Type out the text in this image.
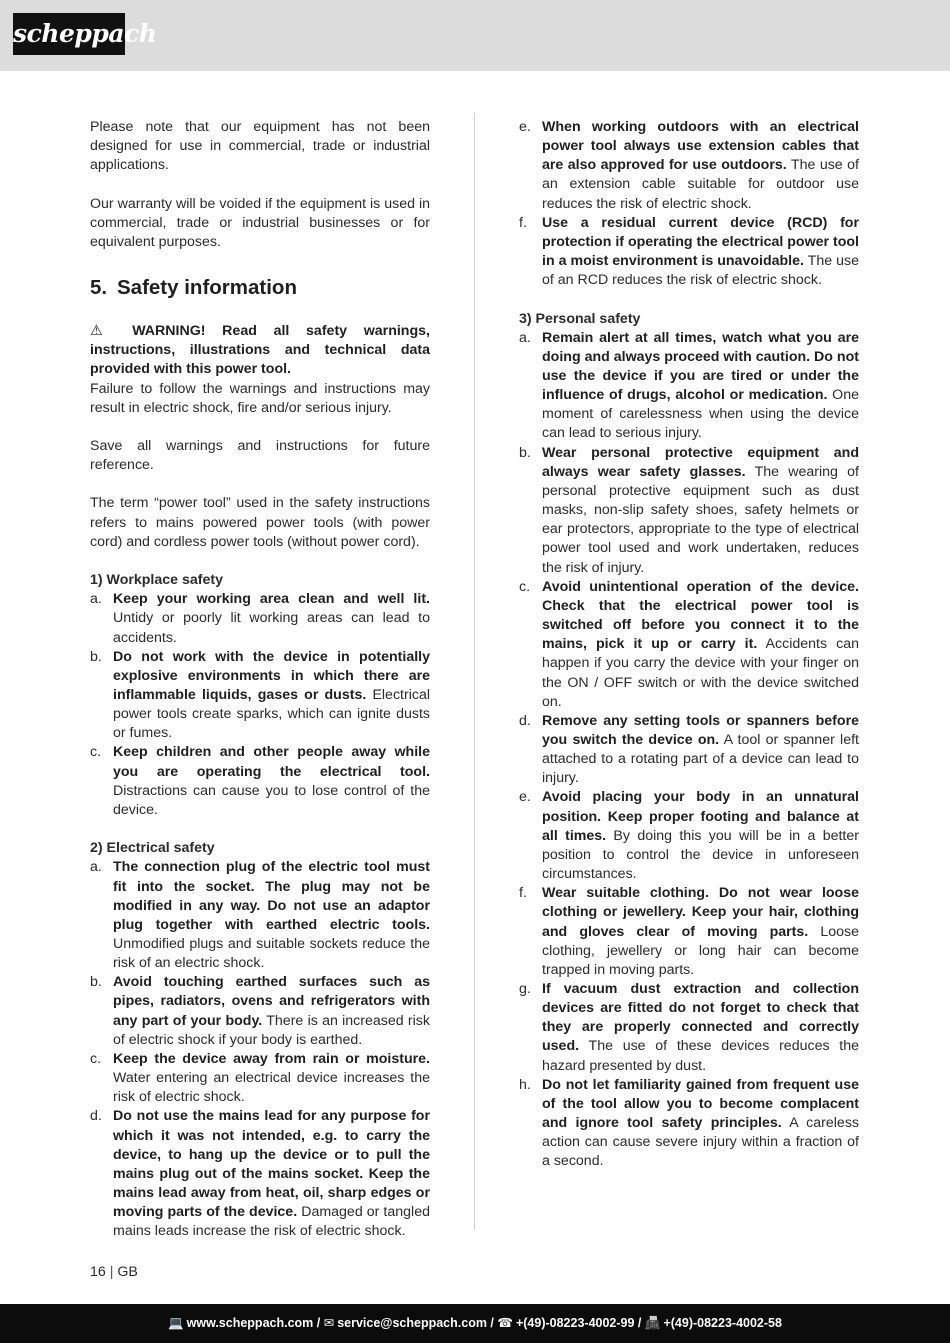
scheppach

Please note that our equipment has not been designed for use in commercial, trade or industrial applications.

Our warranty will be voided if the equipment is used in commercial, trade or industrial businesses or for equivalent purposes.

5. Safety information

⚠ WARNING! Read all safety warnings, instructions, illustrations and technical data provided with this power tool.

Failure to follow the warnings and instructions may result in electric shock, fire and/or serious injury.

Save all warnings and instructions for future reference.

The term “power tool” used in the safety instructions refers to mains powered power tools (with power cord) and cordless power tools (without power cord).

1) Workplace safety
a. Keep your working area clean and well lit. Untidy or poorly lit working areas can lead to accidents.
b. Do not work with the device in potentially explosive environments in which there are inflammable liquids, gases or dusts. Electrical power tools create sparks, which can ignite dusts or fumes.
c. Keep children and other people away while you are operating the electrical tool. Distractions can cause you to lose control of the device.
2) Electrical safety
a. The connection plug of the electric tool must fit into the socket. The plug may not be modified in any way. Do not use an adaptor plug together with earthed electric tools. Unmodified plugs and suitable sockets reduce the risk of an electric shock.
b. Avoid touching earthed surfaces such as pipes, radiators, ovens and refrigerators with any part of your body. There is an increased risk of electric shock if your body is earthed.
c. Keep the device away from rain or moisture. Water entering an electrical device increases the risk of electric shock.
d. Do not use the mains lead for any purpose for which it was not intended, e.g. to carry the device, to hang up the device or to pull the mains plug out of the mains socket. Keep the mains lead away from heat, oil, sharp edges or moving parts of the device. Damaged or tangled mains leads increase the risk of electric shock.
e. When working outdoors with an electrical power tool always use extension cables that are also approved for use outdoors. The use of an extension cable suitable for outdoor use reduces the risk of electric shock.
f. Use a residual current device (RCD) for protection if operating the electrical power tool in a moist environment is unavoidable. The use of an RCD reduces the risk of electric shock.
3) Personal safety
a. Remain alert at all times, watch what you are doing and always proceed with caution. Do not use the device if you are tired or under the influence of drugs, alcohol or medication. One moment of carelessness when using the device can lead to serious injury.
b. Wear personal protective equipment and always wear safety glasses. The wearing of personal protective equipment such as dust masks, non-slip safety shoes, safety helmets or ear protectors, appropriate to the type of electrical power tool used and work undertaken, reduces the risk of injury.
c. Avoid unintentional operation of the device. Check that the electrical power tool is switched off before you connect it to the mains, pick it up or carry it. Accidents can happen if you carry the device with your finger on the ON / OFF switch or with the device switched on.
d. Remove any setting tools or spanners before you switch the device on. A tool or spanner left attached to a rotating part of a device can lead to injury.
e. Avoid placing your body in an unnatural position. Keep proper footing and balance at all times. By doing this you will be in a better position to control the device in unforeseen circumstances.
f. Wear suitable clothing. Do not wear loose clothing or jewellery. Keep your hair, clothing and gloves clear of moving parts. Loose clothing, jewellery or long hair can become trapped in moving parts.
g. If vacuum dust extraction and collection devices are fitted do not forget to check that they are properly connected and correctly used. The use of these devices reduces the hazard presented by dust.
h. Do not let familiarity gained from frequent use of the tool allow you to become complacent and ignore tool safety principles. A careless action can cause severe injury within a fraction of a second.
16 | GB
💻 www.scheppach.com / ✉ service@scheppach.com / ☎ +(49)-08223-4002-99 / 📠 +(49)-08223-4002-58
